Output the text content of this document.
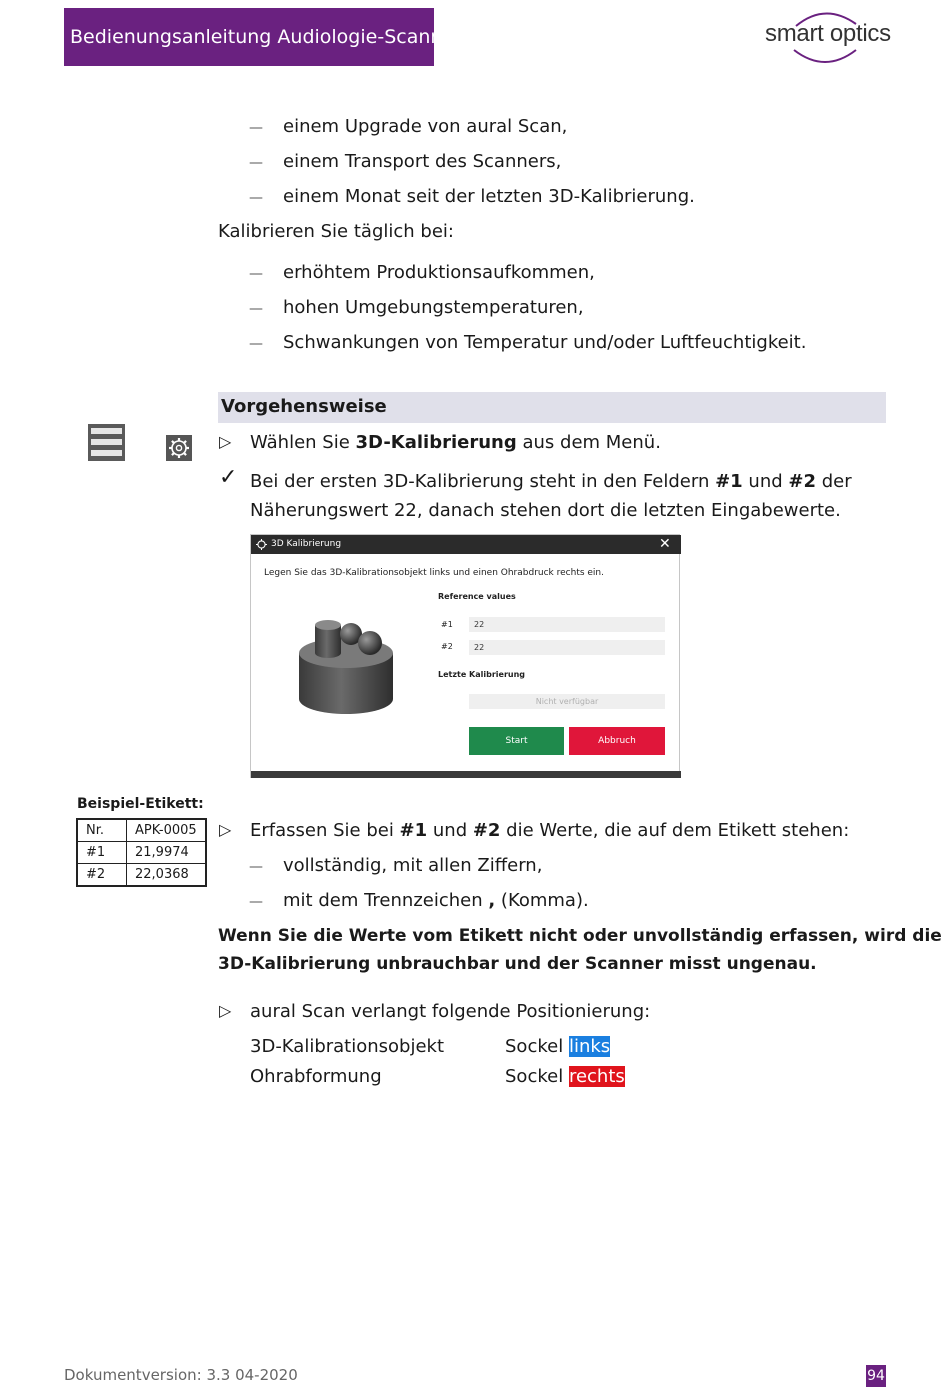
Bedienungsanleitung Audiologie-Scanner	smart optics
— einem Upgrade von aural Scan,
— einem Transport des Scanners,
— einem Monat seit der letzten 3D-Kalibrierung.
Kalibrieren Sie täglich bei:
— erhöhtem Produktionsaufkommen,
— hohen Umgebungstemperaturen,
— Schwankungen von Temperatur und/oder Luftfeuchtigkeit.
Vorgehensweise
▷ Wählen Sie 3D-Kalibrierung aus dem Menü.
✓ Bei der ersten 3D-Kalibrierung steht in den Feldern #1 und #2 der
Näherungswert 22, danach stehen dort die letzten Eingabewerte.
3D Kalibrierung	✕
Legen Sie das 3D-Kalibrationsobjekt links und einen Ohrabdruck rechts ein.
Reference values
#1	22
#2	22
Letzte Kalibrierung
Nicht verfügbar
Start	Abbruch
Beispiel-Etikett:
Nr.	APK-0005
#1	21,9974
#2	22,0368
▷ Erfassen Sie bei #1 und #2 die Werte, die auf dem Etikett stehen:
— vollständig, mit allen Ziffern,
— mit dem Trennzeichen , (Komma).
Wenn Sie die Werte vom Etikett nicht oder unvollständig erfassen, wird die
3D-Kalibrierung unbrauchbar und der Scanner misst ungenau.
▷ aural Scan verlangt folgende Positionierung:
3D-Kalibrationsobjekt	Sockel links
Ohrabformung	Sockel rechts
Dokumentversion: 3.3 04-2020	94
